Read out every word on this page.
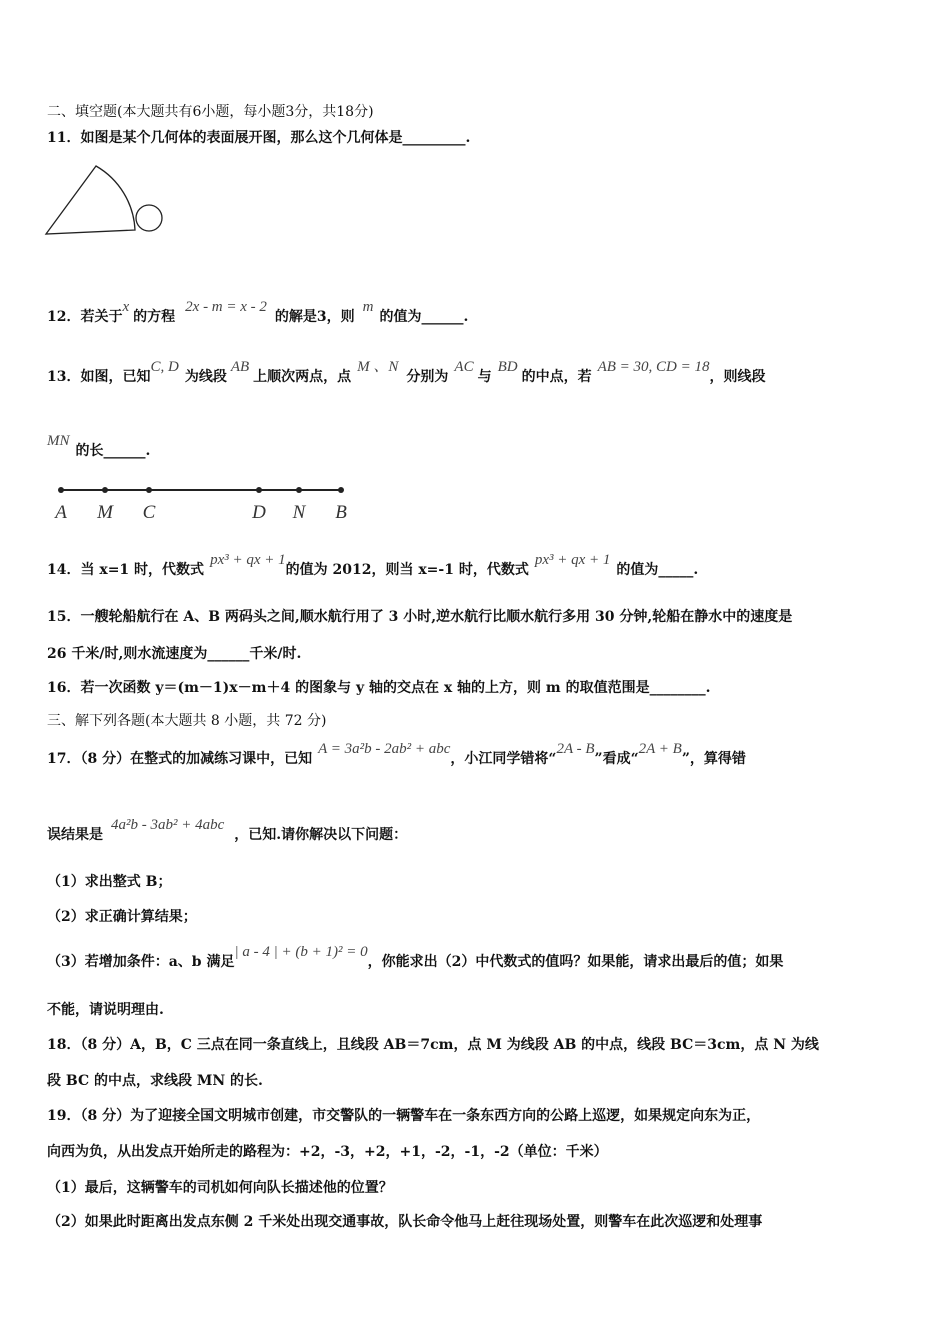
二、填空题(本大题共有6小题，每小题3分，共18分)
11．如图是某个几何体的表面展开图，那么这个几何体是_________.
12．若关于x的方程2x - m = x - 2的解是3，则m的值为______.
13．如图，已知C, D为线段AB上顺次两点，点M 、N分别为AC与BD的中点，若AB = 30, CD = 18，则线段
MN的长______.
A M C	D N B
14．当 x=1 时，代数式px³ + qx + 1的值为 2012，则当 x=-1 时，代数式px³ + qx + 1的值为_____.
15．一艘轮船航行在 A、B 两码头之间,顺水航行用了 3 小时,逆水航行比顺水航行多用 30 分钟,轮船在静水中的速度是
26 千米/时,则水流速度为______千米/时.
16．若一次函数 y＝(m－1)x－m＋4 的图象与 y 轴的交点在 x 轴的上方，则 m 的取值范围是________.
三、解下列各题(本大题共 8 小题，共 72 分)
17．（8 分）在整式的加减练习课中，已知A = 3a²b - 2ab² + abc，小江同学错将“2A - B”看成“2A + B”，算得错
误结果是4a²b - 3ab² + 4abc，已知.请你解决以下问题：
（1）求出整式 B；
（2）求正确计算结果；
（3）若增加条件：a、b 满足| a - 4 | + (b + 1)² = 0，你能求出（2）中代数式的值吗？如果能，请求出最后的值；如果
不能，请说明理由.
18．（8 分）A，B，C 三点在同一条直线上，且线段 AB＝7cm，点 M 为线段 AB 的中点，线段 BC＝3cm，点 N 为线
段 BC 的中点，求线段 MN 的长.
19．（8 分）为了迎接全国文明城市创建，市交警队的一辆警车在一条东西方向的公路上巡逻，如果规定向东为正，
向西为负，从出发点开始所走的路程为：+2，-3，+2，+1，-2，-1，-2（单位：千米）
（1）最后，这辆警车的司机如何向队长描述他的位置？
（2）如果此时距离出发点东侧 2 千米处出现交通事故，队长命令他马上赶往现场处置，则警车在此次巡逻和处理事
